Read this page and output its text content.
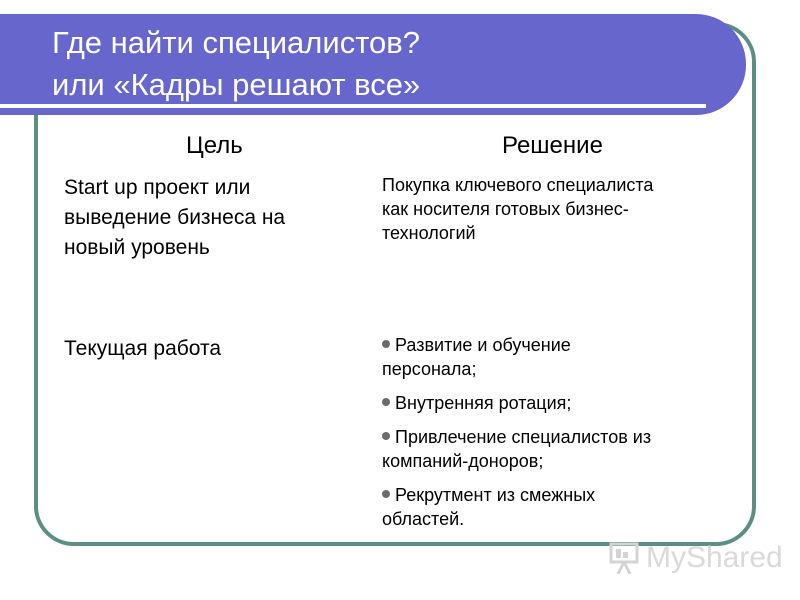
Где найти специалистов?
или «Кадры решают все»
Цель	Решение
Start up проект или
выведение бизнеса на
новый уровень
Покупка ключевого специалиста
как носителя готовых бизнес-
технологий
Текущая работа	Развитие и обучение
персонала;
Внутренняя ротация;
Привлечение специалистов из
компаний-доноров;
Рекрутмент из смежных
областей.
MyShared
